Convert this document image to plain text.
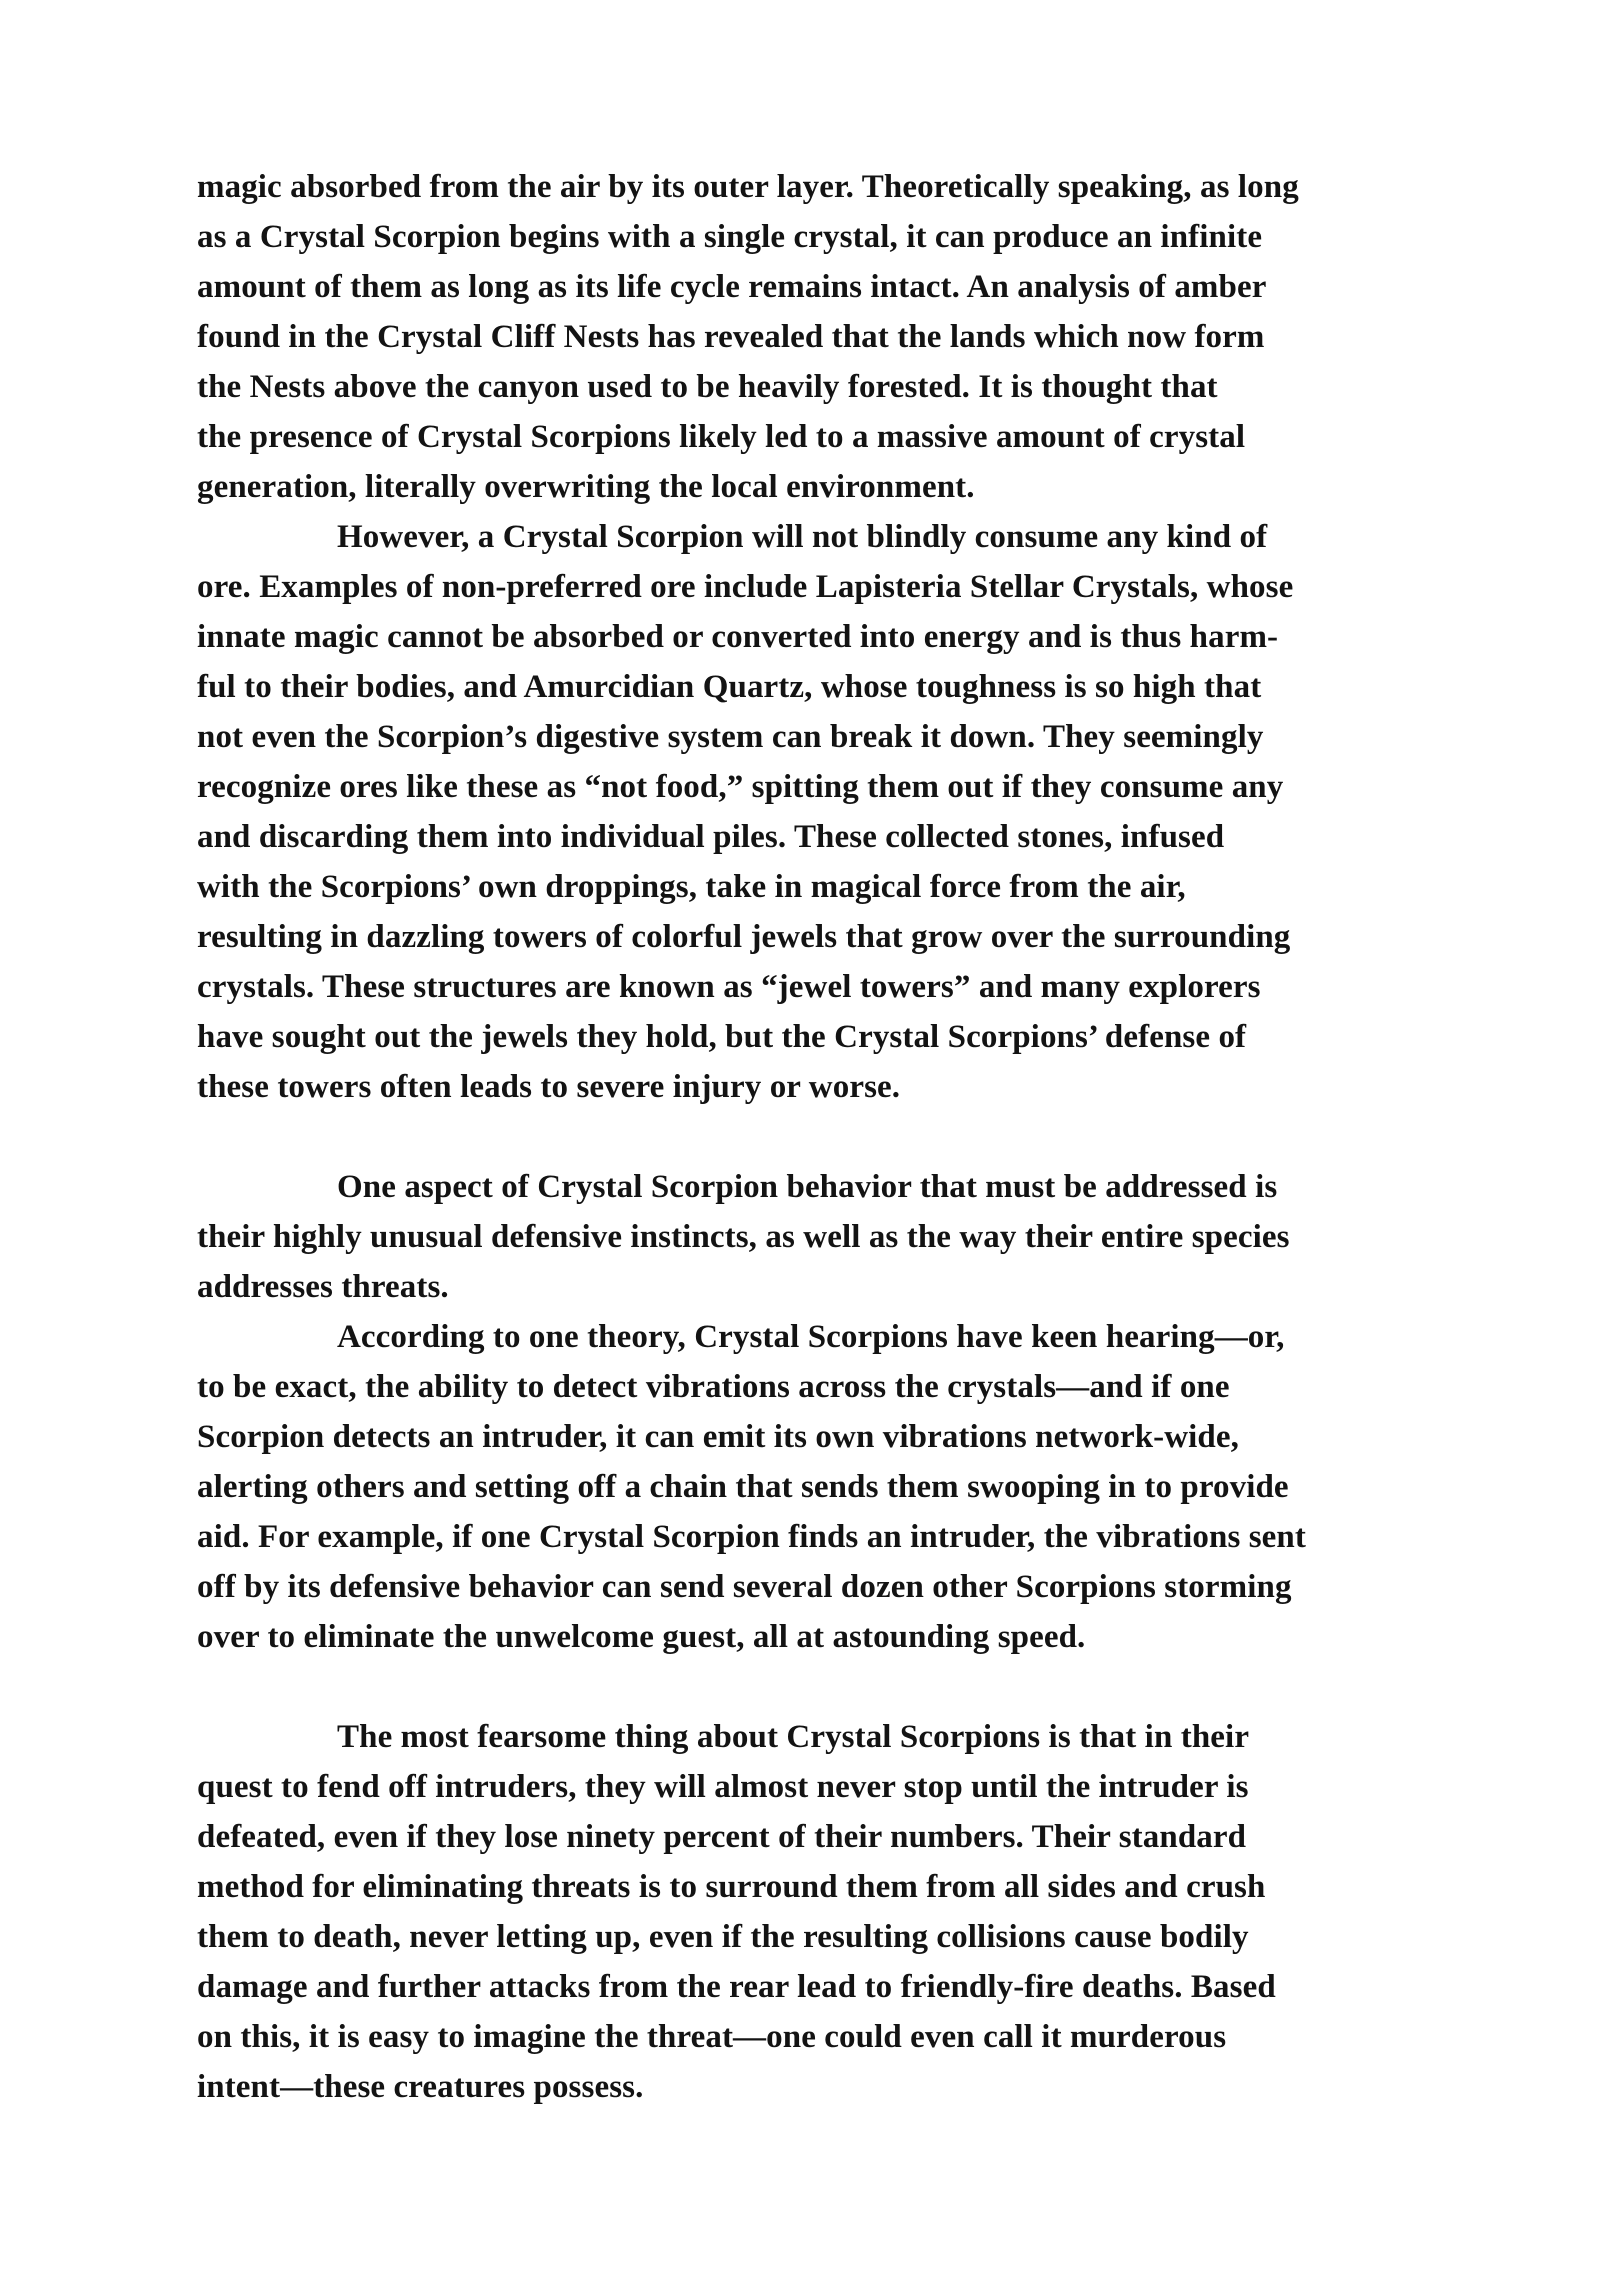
magic absorbed from the air by its outer layer. Theoretically speaking, as long
as a Crystal Scorpion begins with a single crystal, it can produce an infinite
amount of them as long as its life cycle remains intact. An analysis of amber
found in the Crystal Cliff Nests has revealed that the lands which now form
the Nests above the canyon used to be heavily forested. It is thought that
the presence of Crystal Scorpions likely led to a massive amount of crystal
generation, literally overwriting the local environment.
However, a Crystal Scorpion will not blindly consume any kind of
ore. Examples of non-preferred ore include Lapisteria Stellar Crystals, whose
innate magic cannot be absorbed or converted into energy and is thus harm-
ful to their bodies, and Amurcidian Quartz, whose toughness is so high that
not even the Scorpion’s digestive system can break it down. They seemingly
recognize ores like these as “not food,” spitting them out if they consume any
and discarding them into individual piles. These collected stones, infused
with the Scorpions’ own droppings, take in magical force from the air,
resulting in dazzling towers of colorful jewels that grow over the surrounding
crystals. These structures are known as “jewel towers” and many explorers
have sought out the jewels they hold, but the Crystal Scorpions’ defense of
these towers often leads to severe injury or worse.
One aspect of Crystal Scorpion behavior that must be addressed is
their highly unusual defensive instincts, as well as the way their entire species
addresses threats.
According to one theory, Crystal Scorpions have keen hearing—or,
to be exact, the ability to detect vibrations across the crystals—and if one
Scorpion detects an intruder, it can emit its own vibrations network-wide,
alerting others and setting off a chain that sends them swooping in to provide
aid. For example, if one Crystal Scorpion finds an intruder, the vibrations sent
off by its defensive behavior can send several dozen other Scorpions storming
over to eliminate the unwelcome guest, all at astounding speed.
The most fearsome thing about Crystal Scorpions is that in their
quest to fend off intruders, they will almost never stop until the intruder is
defeated, even if they lose ninety percent of their numbers. Their standard
method for eliminating threats is to surround them from all sides and crush
them to death, never letting up, even if the resulting collisions cause bodily
damage and further attacks from the rear lead to friendly-fire deaths. Based
on this, it is easy to imagine the threat—one could even call it murderous
intent—these creatures possess.
